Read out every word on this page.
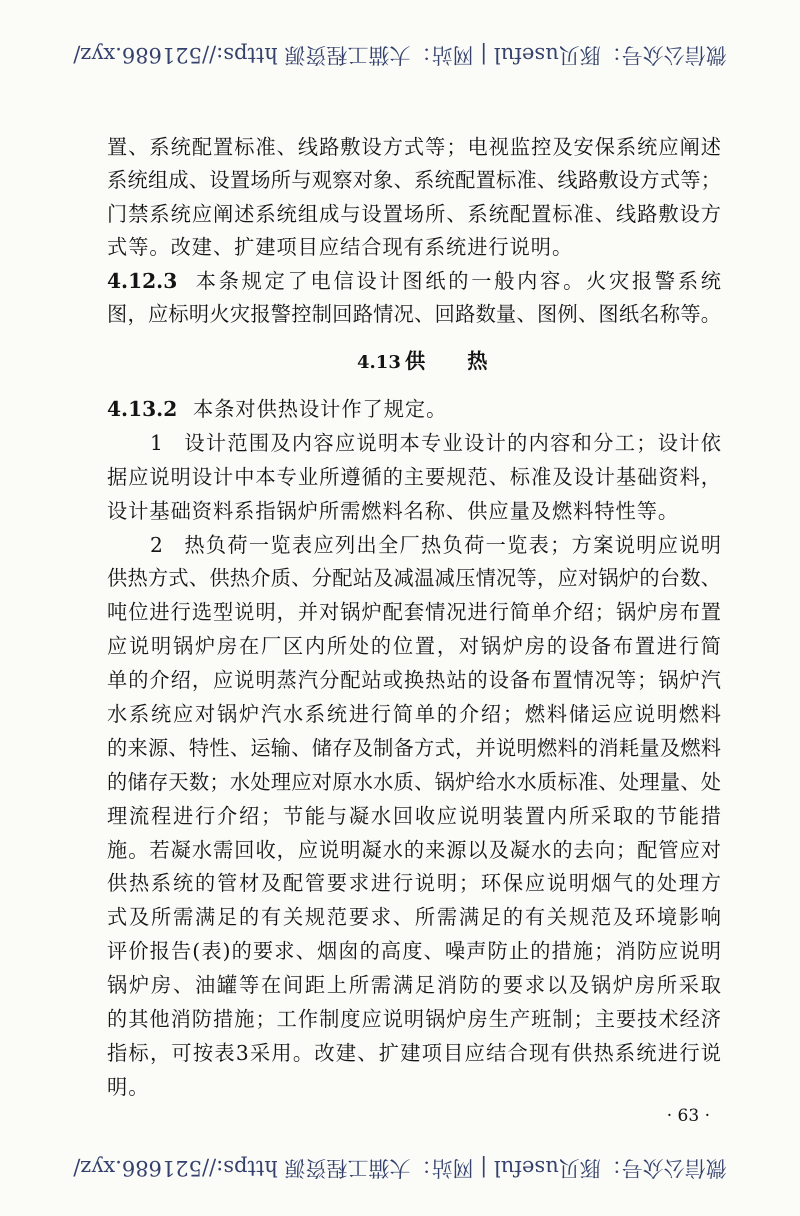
微信公众号：豚贝useful | 网站：大猫工程资源 https://521686.xyz/
置、系统配置标准、线路敷设方式等；电视监控及安保系统应阐述
系统组成、设置场所与观察对象、系统配置标准、线路敷设方式等；
门禁系统应阐述系统组成与设置场所、系统配置标准、线路敷设方
式等。改建、扩建项目应结合现有系统进行说明。
4.12.3 本条规定了电信设计图纸的一般内容。火灾报警系统
图，应标明火灾报警控制回路情况、回路数量、图例、图纸名称等。
4.13 供热
4.13.2 本条对供热设计作了规定。
1 设计范围及内容应说明本专业设计的内容和分工；设计依
据应说明设计中本专业所遵循的主要规范、标准及设计基础资料，
设计基础资料系指锅炉所需燃料名称、供应量及燃料特性等。
2 热负荷一览表应列出全厂热负荷一览表；方案说明应说明
供热方式、供热介质、分配站及减温减压情况等，应对锅炉的台数、
吨位进行选型说明，并对锅炉配套情况进行简单介绍；锅炉房布置
应说明锅炉房在厂区内所处的位置，对锅炉房的设备布置进行简
单的介绍，应说明蒸汽分配站或换热站的设备布置情况等；锅炉汽
水系统应对锅炉汽水系统进行简单的介绍；燃料储运应说明燃料
的来源、特性、运输、储存及制备方式，并说明燃料的消耗量及燃料
的储存天数；水处理应对原水水质、锅炉给水水质标准、处理量、处
理流程进行介绍；节能与凝水回收应说明装置内所采取的节能措
施。若凝水需回收，应说明凝水的来源以及凝水的去向；配管应对
供热系统的管材及配管要求进行说明；环保应说明烟气的处理方
式及所需满足的有关规范要求、所需满足的有关规范及环境影响
评价报告(表)的要求、烟囱的高度、噪声防止的措施；消防应说明
锅炉房、油罐等在间距上所需满足消防的要求以及锅炉房所采取
的其他消防措施；工作制度应说明锅炉房生产班制；主要技术经济
指标，可按表3采用。改建、扩建项目应结合现有供热系统进行说
明。
· 63 ·
微信公众号：豚贝useful | 网站：大猫工程资源 https://521686.xyz/
